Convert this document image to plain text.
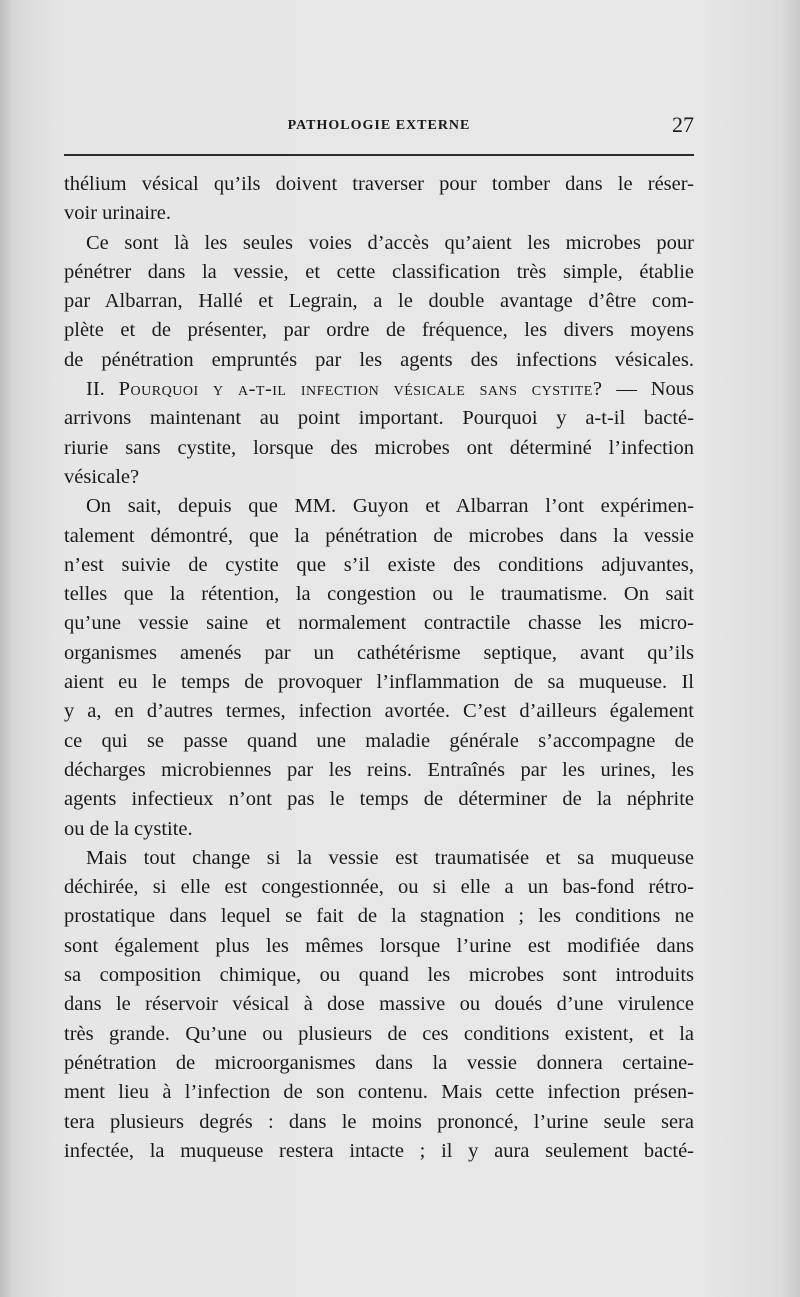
PATHOLOGIE EXTERNE	27
thélium vésical qu’ils doivent traverser pour tomber dans le réser-
voir urinaire.
Ce sont là les seules voies d’accès qu’aient les microbes pour
pénétrer dans la vessie, et cette classification très simple, établie
par Albarran, Hallé et Legrain, a le double avantage d’être com-
plète et de présenter, par ordre de fréquence, les divers moyens
de pénétration empruntés par les agents des infections vésicales.
II. Pourquoi y a-t-il infection vésicale sans cystite? — Nous
arrivons maintenant au point important. Pourquoi y a-t-il bacté-
riurie sans cystite, lorsque des microbes ont déterminé l’infection
vésicale?
On sait, depuis que MM. Guyon et Albarran l’ont expérimen-
talement démontré, que la pénétration de microbes dans la vessie
n’est suivie de cystite que s’il existe des conditions adjuvantes,
telles que la rétention, la congestion ou le traumatisme. On sait
qu’une vessie saine et normalement contractile chasse les micro-
organismes amenés par un cathétérisme septique, avant qu’ils
aient eu le temps de provoquer l’inflammation de sa muqueuse. Il
y a, en d’autres termes, infection avortée. C’est d’ailleurs également
ce qui se passe quand une maladie générale s’accompagne de
décharges microbiennes par les reins. Entraînés par les urines, les
agents infectieux n’ont pas le temps de déterminer de la néphrite
ou de la cystite.
Mais tout change si la vessie est traumatisée et sa muqueuse
déchirée, si elle est congestionnée, ou si elle a un bas-fond rétro-
prostatique dans lequel se fait de la stagnation ; les conditions ne
sont également plus les mêmes lorsque l’urine est modifiée dans
sa composition chimique, ou quand les microbes sont introduits
dans le réservoir vésical à dose massive ou doués d’une virulence
très grande. Qu’une ou plusieurs de ces conditions existent, et la
pénétration de microorganismes dans la vessie donnera certaine-
ment lieu à l’infection de son contenu. Mais cette infection présen-
tera plusieurs degrés : dans le moins prononcé, l’urine seule sera
infectée, la muqueuse restera intacte ; il y aura seulement bacté-
